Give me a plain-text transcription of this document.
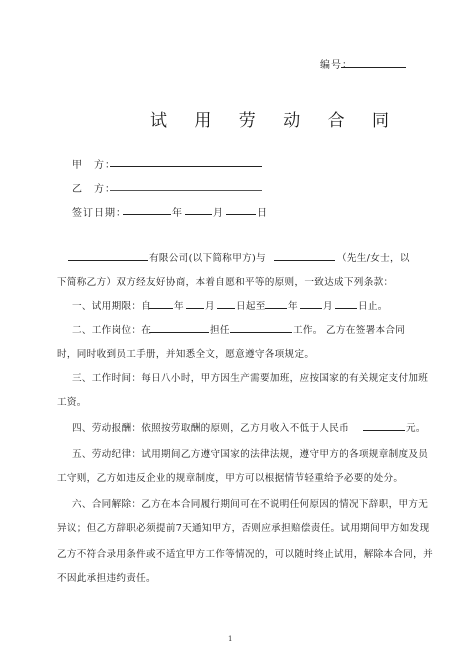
编号：
试 用 劳 动 合 同
甲　方：
乙　方：
签订日期：	年	月	日
有限公司(以下简称甲方)与	（先生/女士，以
下简称乙方）双方经友好协商，本着自愿和平等的原则，一致达成下列条款：
一、试用期限：自 年 月 日起至 年	月	日止。
二、工作岗位：在	担任	工作。 乙方在签署本合同
时，同时收到员工手册，并知悉全文，愿意遵守各项规定。
三、工作时间：每日八小时，甲方因生产需要加班，应按国家的有关规定支付加班
工资。
四、劳动报酬：依照按劳取酬的原则，乙方月收入不低于人民币	元。
五、劳动纪律：试用期间乙方遵守国家的法律法规，遵守甲方的各项规章制度及员
工守则，乙方如违反企业的规章制度，甲方可以根据情节轻重给予必要的处分。
六、合同解除：乙方在本合同履行期间可在不说明任何原因的情况下辞职，甲方无
异议；但乙方辞职必须提前7天通知甲方，否则应承担赔偿责任。试用期间甲方如发现
乙方不符合录用条件或不适宜甲方工作等情况的，可以随时终止试用，解除本合同，并
不因此承担违约责任。
1
